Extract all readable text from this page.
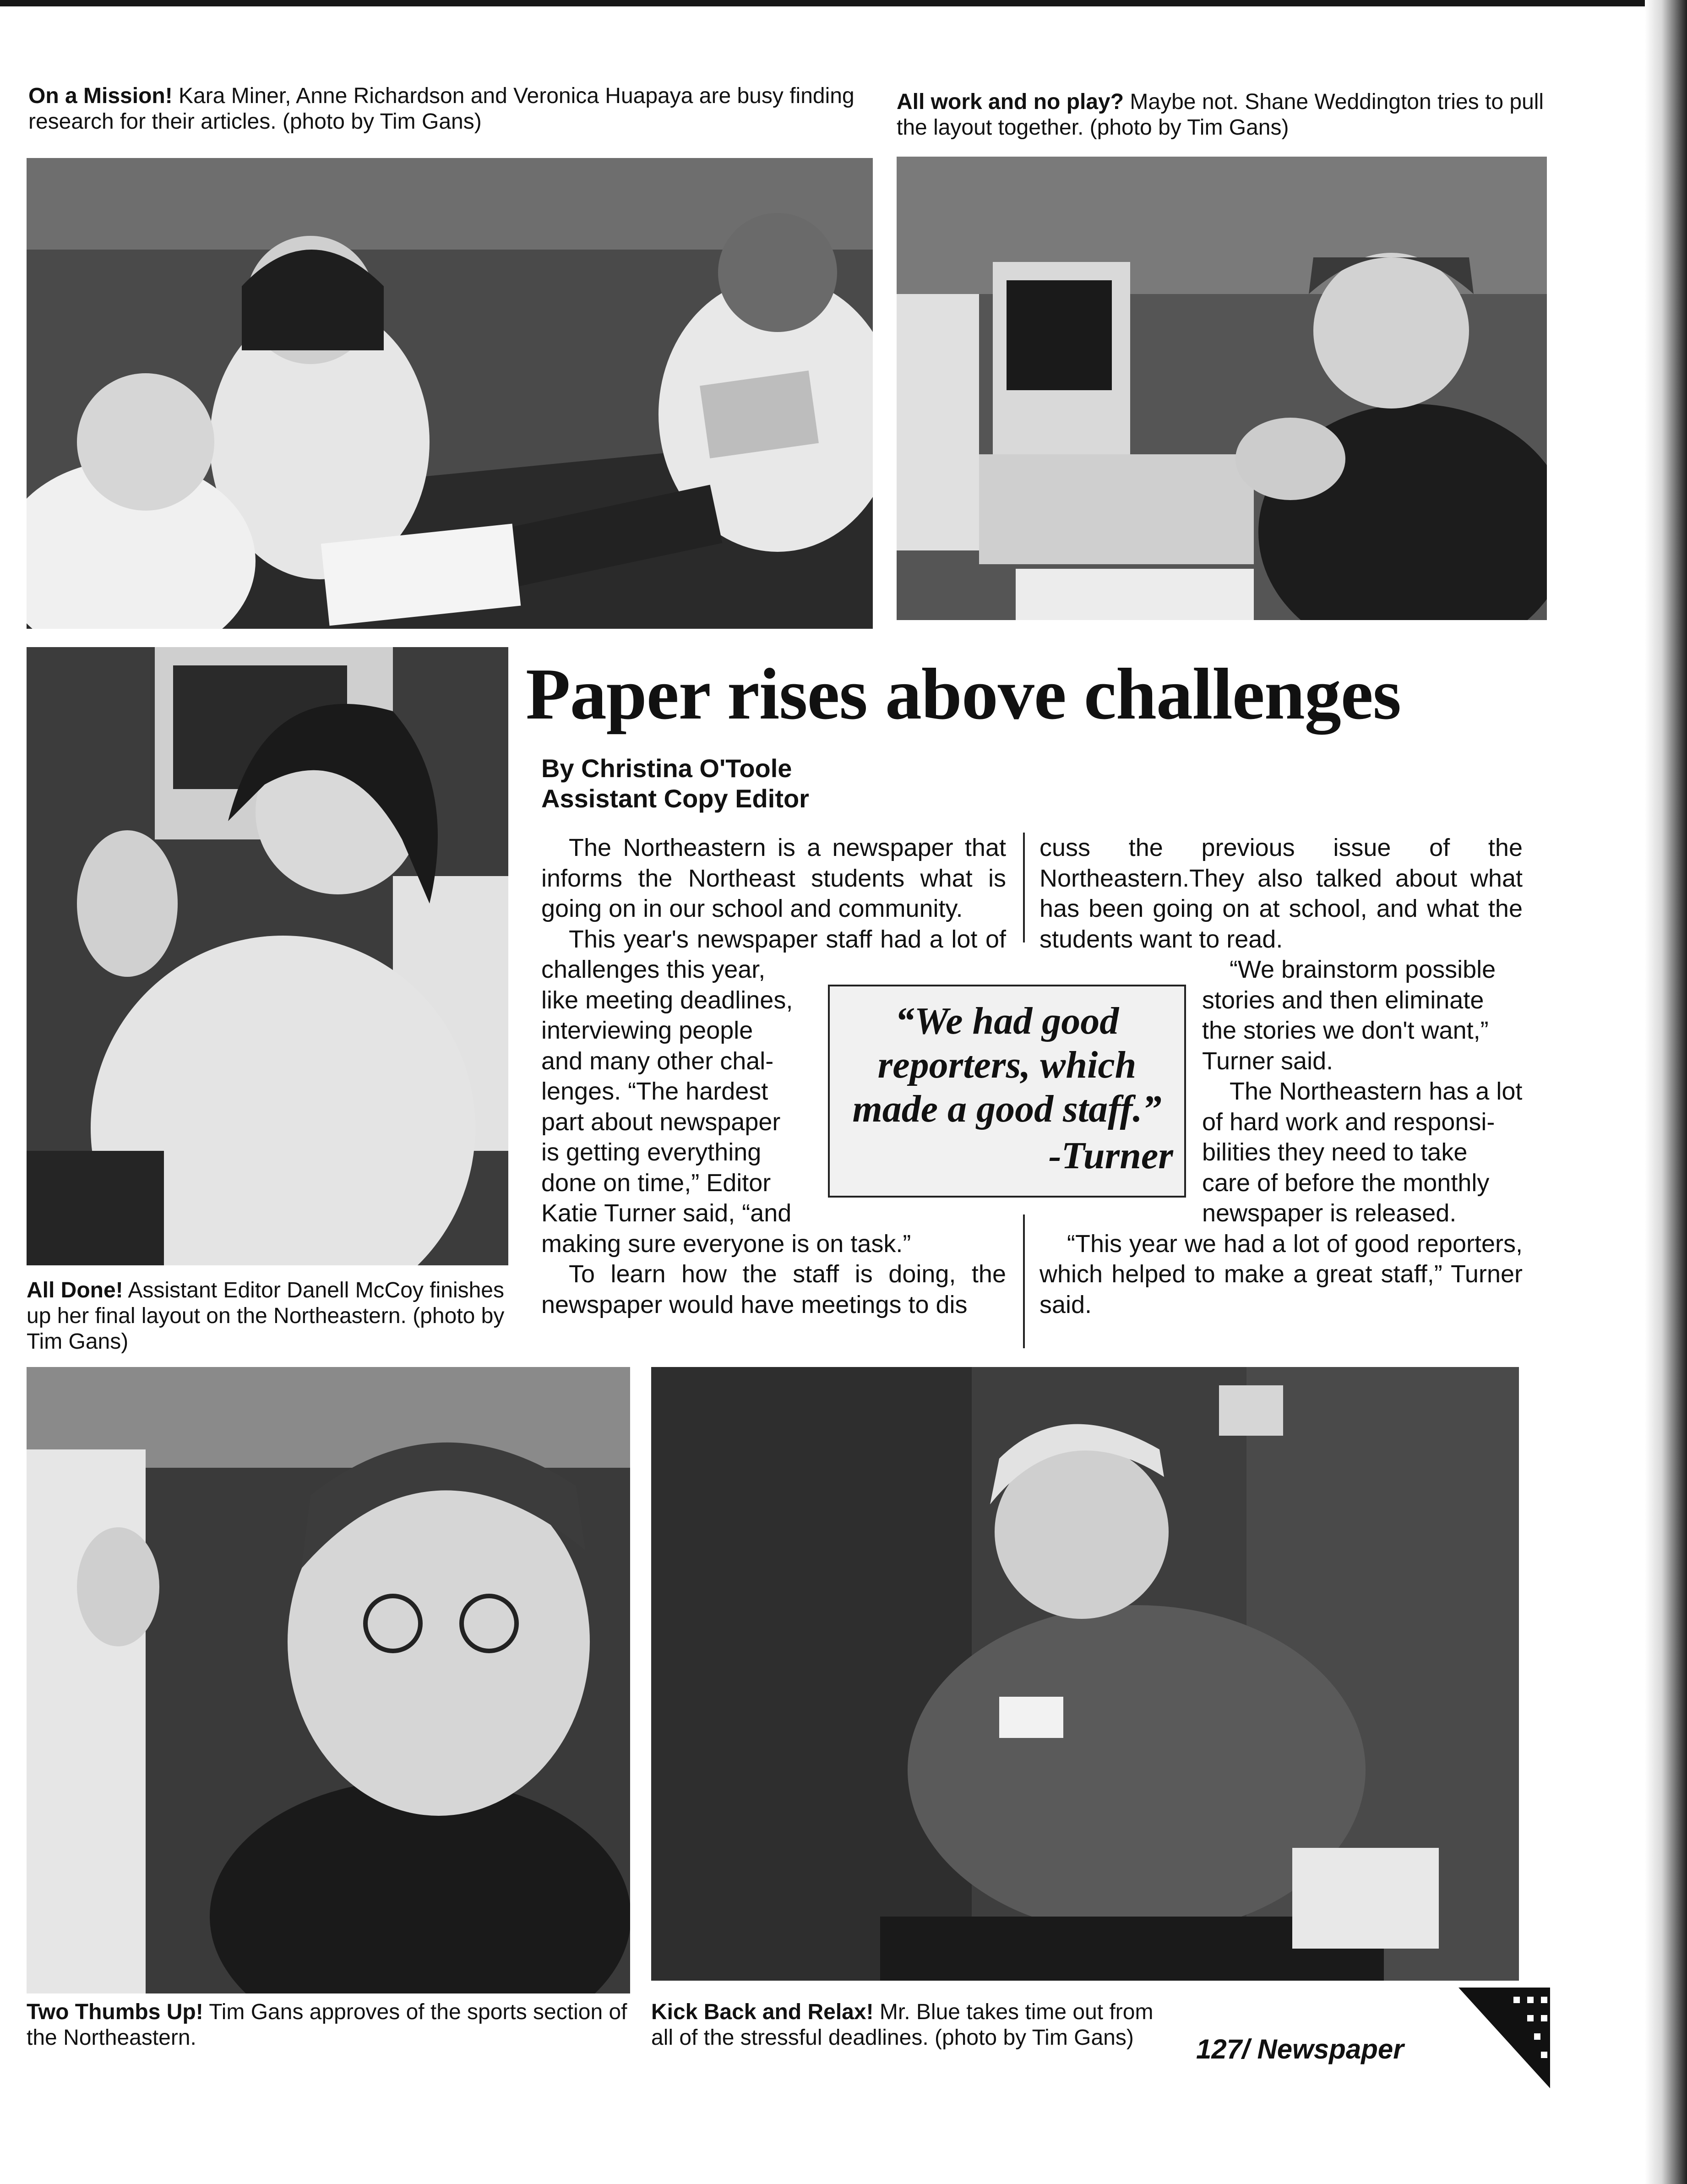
On a Mission! Kara Miner, Anne Richardson and Veronica Huapaya are busy finding research for their articles. (photo by Tim Gans)
All work and no play? Maybe not. Shane Weddington tries to pull the layout together. (photo by Tim Gans)
All Done! Assistant Editor Danell McCoy finishes up her final layout on the Northeastern. (photo by Tim Gans)
Paper rises above challenges
By Christina O'Toole
Assistant Copy Editor

The Northeastern is a newspaper that informs the Northeast students what is going on in our school and community.

This year's newspaper staff had a lot of challenges this year,

like meeting deadlines,
interviewing people
and many other chal-
lenges. “The hardest
part about newspaper
is getting everything
done on time,” Editor
Katie Turner said, “and

making sure everyone is on task.”

To learn how the staff is doing, the newspaper would have meetings to dis

cuss the previous issue of the Northeastern.They also talked about what has been going on at school, and what the students want to read.

“We brainstorm possible
stories and then eliminate
the stories we don't want,”
Turner said.
The Northeastern has a lot
of hard work and responsi-
bilities they need to take
care of before the monthly
newspaper is released.

“This year we had a lot of good reporters, which helped to make a great staff,” Turner said.

“We had good reporters, which made a good staff.”
-Turner
Two Thumbs Up! Tim Gans approves of the sports section of the Northeastern.
Kick Back and Relax! Mr. Blue takes time out from all of the stressful deadlines. (photo by Tim Gans)	127/ Newspaper
